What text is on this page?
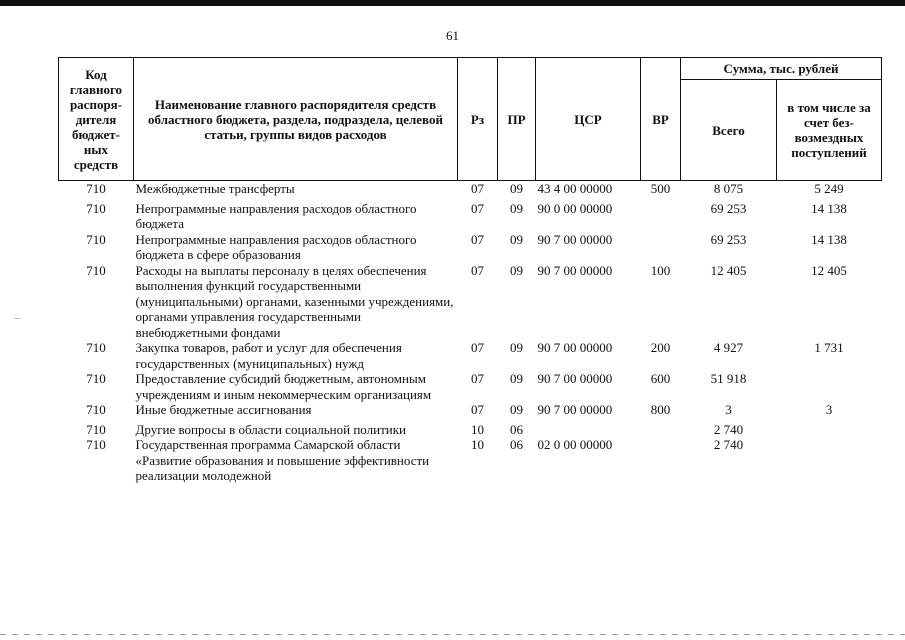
61
Код главного распоря-дителя бюджет-ных средств	Наименование главного распорядителя средств областного бюджета, раздела, подраздела, целевой статьи, группы видов расходов	Рз	ПР	ЦСР	ВР	Сумма, тыс. рублей	
						Всего	в том числе за счет без-возмездных поступлений
710	Межбюджетные трансферты	07	09	43 4 00 00000	500	8 075	5 249
710	Непрограммные направления расходов областного бюджета	07	09	90 0 00 00000		69 253	14 138
710	Непрограммные направления расходов областного бюджета в сфере образования	07	09	90 7 00 00000		69 253	14 138
710	Расходы на выплаты персоналу в целях обеспечения выполнения функций государственными (муниципальными) органами, казенными учреждениями, органами управления государственными внебюджетными фондами	07	09	90 7 00 00000	100	12 405	12 405
710	Закупка товаров, работ и услуг для обеспечения государственных (муниципальных) нужд	07	09	90 7 00 00000	200	4 927	1 731
710	Предоставление субсидий бюджетным, автономным учреждениям и иным некоммерческим организациям	07	09	90 7 00 00000	600	51 918	
710	Иные бюджетные ассигнования	07	09	90 7 00 00000	800	3	3
710	Другие вопросы в области социальной политики	10	06			2 740	
710	Государственная программа Самарской области «Развитие образования и повышение эффективности реализации молодежной	10	06	02 0 00 00000		2 740	
